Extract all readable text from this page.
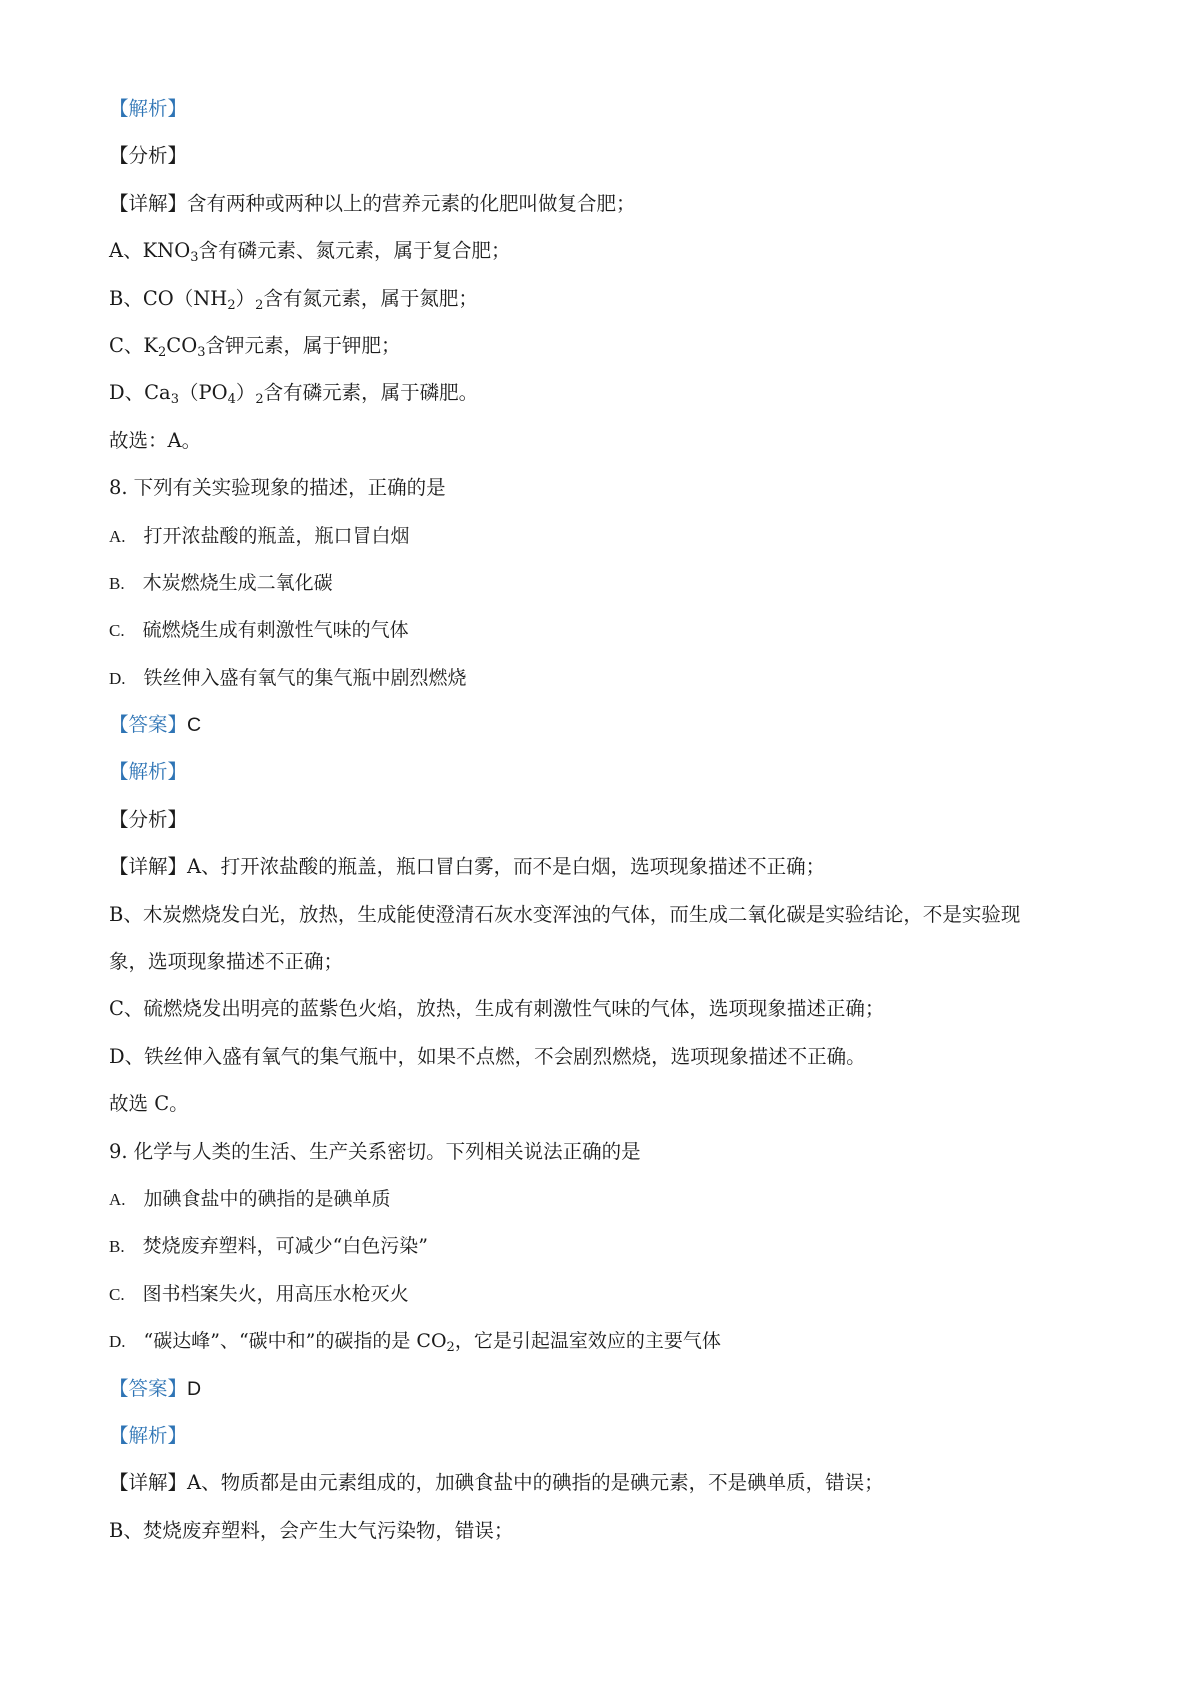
【解析】
【分析】
【详解】含有两种或两种以上的营养元素的化肥叫做复合肥；
A、$KNO_3$含有磷元素、氮元素，属于复合肥；
B、$CO(NH_2)_2$含有氮元素，属于氮肥；
C、$K_2CO_3$含钾元素，属于钾肥；
D、$Ca_3(PO_4)_2$含有磷元素，属于磷肥。
故选：A。
8. 下列有关实验现象的描述，正确的是
A. 打开浓盐酸的瓶盖，瓶口冒白烟
B. 木炭燃烧生成二氧化碳
C. 硫燃烧生成有刺激性气味的气体
D. 铁丝伸入盛有氧气的集气瓶中剧烈燃烧
【答案】C
【解析】
【分析】
【详解】A、打开浓盐酸的瓶盖，瓶口冒白雾，而不是白烟，选项现象描述不正确；
B、木炭燃烧发白光，放热，生成能使澄清石灰水变浑浊的气体，而生成二氧化碳是实验结论，不是实验现
象，选项现象描述不正确；
C、硫燃烧发出明亮的蓝紫色火焰，放热，生成有刺激性气味的气体，选项现象描述正确；
D、铁丝伸入盛有氧气的集气瓶中，如果不点燃，不会剧烈燃烧，选项现象描述不正确。
故选 C。
9. 化学与人类的生活、生产关系密切。下列相关说法正确的是
A. 加碘食盐中的碘指的是碘单质
B. 焚烧废弃塑料，可减少“白色污染”
C. 图书档案失火，用高压水枪灭火
D. “碳达峰”、“碳中和”的碳指的是 $CO_2$，它是引起温室效应的主要气体
【答案】D
【解析】
【详解】A、物质都是由元素组成的，加碘食盐中的碘指的是碘元素，不是碘单质，错误；
B、焚烧废弃塑料，会产生大气污染物，错误；
